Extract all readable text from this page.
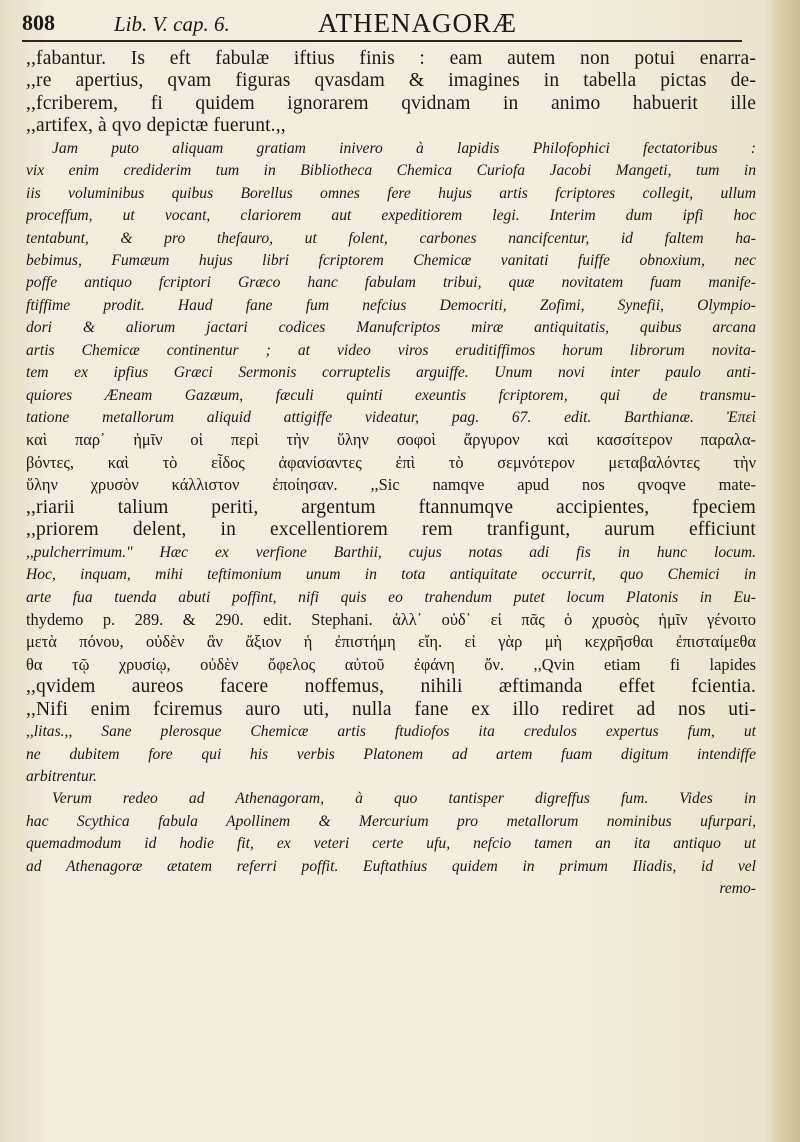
808	Lib. V. cap. 6.	ATHENAGORÆ
,,fabantur. Is eft fabulæ iftius finis : eam autem non potui enarra-
,,re apertius, qvam figuras qvasdam & imagines in tabella pictas de-
,,fcriberem, fi quidem ignorarem qvidnam in animo habuerit ille
,,artifex, à qvo depictæ fuerunt.,,
Jam puto aliquam gratiam inivero à lapidis Philofophici fectatoribus :
vix enim crediderim tum in Bibliotheca Chemica Curiofa Jacobi Mangeti, tum in
iis voluminibus quibus Borellus omnes fere hujus artis fcriptores collegit, ullum
proceffum, ut vocant, clariorem aut expeditiorem legi. Interim dum ipfi hoc
tentabunt, & pro thefauro, ut folent, carbones nancifcentur, id faltem ha-
bebimus, Fumæum hujus libri fcriptorem Chemicæ vanitati fuiffe obnoxium, nec
poffe antiquo fcriptori Græco hanc fabulam tribui, quæ novitatem fuam manife-
ftiffime prodit. Haud fane fum nefcius Democriti, Zofimi, Synefii, Olympio-
dori & aliorum jactari codices Manufcriptos miræ antiquitatis, quibus arcana
artis Chemicæ continentur ; at video viros eruditiffimos horum librorum novita-
tem ex ipfius Græci Sermonis corruptelis arguiffe. Unum novi inter paulo anti-
quiores Æneam Gazæum, fæculi quinti exeuntis fcriptorem, qui de transmu-
tatione metallorum aliquid attigiffe videatur, pag. 67. edit. Barthianæ. Ἐπεὶ
καὶ παρ᾽ ἡμῖν οἱ περὶ τὴν ὕλην σοφοὶ ἄργυρον καὶ κασσίτερον παραλα-
βόντες, καὶ τὸ εἶδος ἀφανίσαντες ἐπὶ τὸ σεμνότερον μεταβαλόντες τὴν
ὕλην χρυσὸν κάλλιστον ἐποίησαν. ,,Sic namqve apud nos qvoqve mate-
,,riarii talium periti, argentum ftannumqve accipientes, fpeciem
,,priorem delent, in excellentiorem rem tranfigunt, aurum efficiunt
,,pulcherrimum." Hæc ex verfione Barthii, cujus notas adi fis in hunc locum.
Hoc, inquam, mihi teftimonium unum in tota antiquitate occurrit, quo Chemici in
arte fua tuenda abuti poffint, nifi quis eo trahendum putet locum Platonis in Eu-
thydemo p. 289. & 290. edit. Stephani. ἀλλ᾽ οὐδ᾽ εἰ πᾶς ὁ χρυσὸς ἡμῖν γένοιτο
μετὰ πόνου, οὐδὲν ἂν ἄξιον ἡ ἐπιστήμη εἴη. εἰ γὰρ μὴ κεχρῆσθαι ἐπισταίμεθα
θα τῷ χρυσίῳ, οὐδὲν ὄφελος αὐτοῦ ἐφάνη ὄν. ,,Qvin etiam fi lapides
,,qvidem aureos facere noffemus, nihili æftimanda effet fcientia.
,,Nifi enim fciremus auro uti, nulla fane ex illo rediret ad nos uti-
,,litas.,, Sane plerosque Chemicæ artis ftudiofos ita credulos expertus fum, ut
ne dubitem fore qui his verbis Platonem ad artem fuam digitum intendiffe
arbitrentur.
Verum redeo ad Athenagoram, à quo tantisper digreffus fum. Vides in
hac Scythica fabula Apollinem & Mercurium pro metallorum nominibus ufurpari,
quemadmodum id hodie fit, ex veteri certe ufu, nefcio tamen an ita antiquo ut
ad Athenagoræ ætatem referri poffit. Euftathius quidem in primum Iliadis, id vel
remo-
